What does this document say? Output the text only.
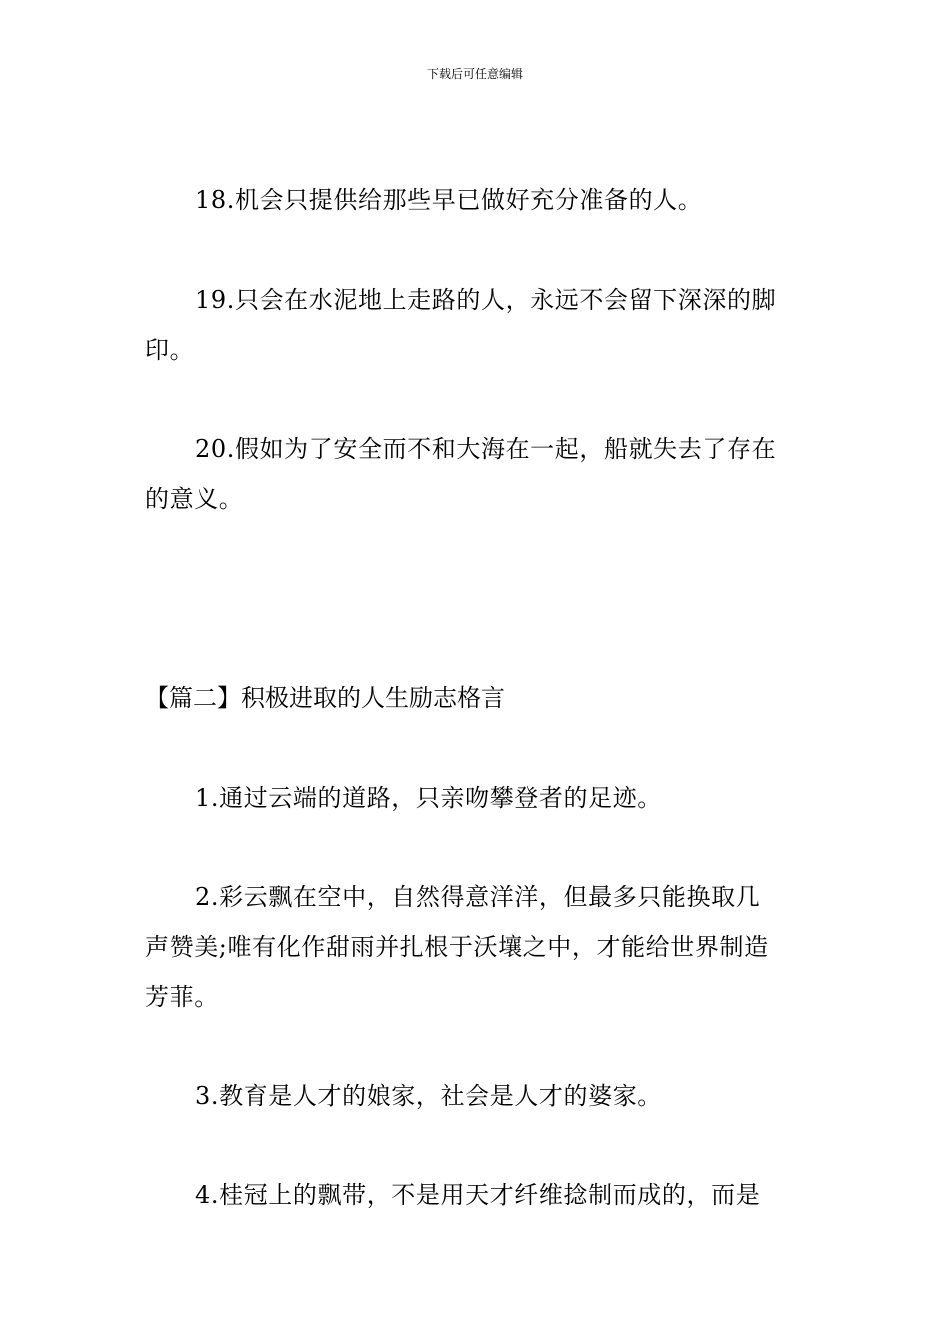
下载后可任意编辑
18.机会只提供给那些早已做好充分准备的人。
19.只会在水泥地上走路的人，永远不会留下深深的脚
印。
20.假如为了安全而不和大海在一起，船就失去了存在
的意义。
【篇二】积极进取的人生励志格言
1.通过云端的道路，只亲吻攀登者的足迹。
2.彩云飘在空中，自然得意洋洋，但最多只能换取几
声赞美;唯有化作甜雨并扎根于沃壤之中，才能给世界制造
芳菲。
3.教育是人才的娘家，社会是人才的婆家。
4.桂冠上的飘带，不是用天才纤维捻制而成的，而是
